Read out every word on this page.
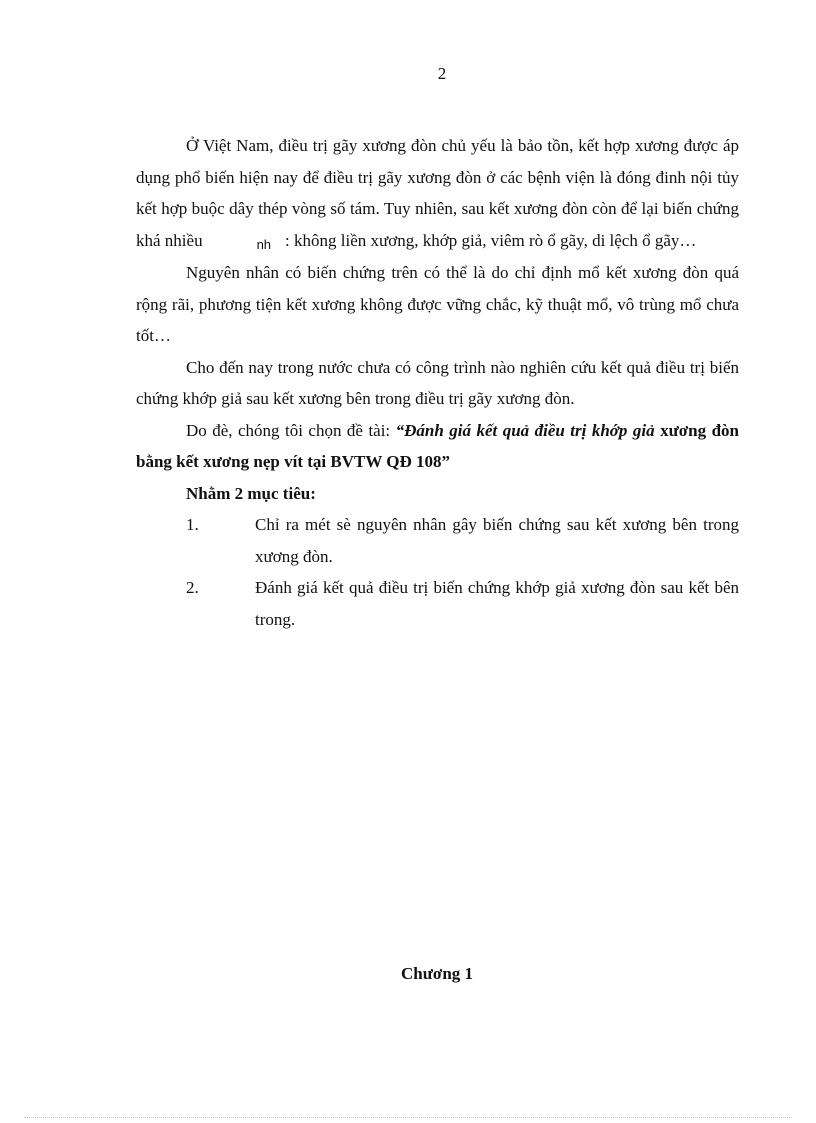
2

Ở Việt Nam, điều trị gãy xương đòn chủ yếu là bảo tồn, kết hợp xương được áp dụng phổ biến hiện nay để điều trị gãy xương đòn ở các bệnh viện là đóng đinh nội tủy kết hợp buộc dây thép vòng số tám. Tuy nhiên, sau kết xương đòn còn để lại biến chứng khá nhiều	nh : không liền xương, khớp giả, viêm rò ổ gãy, di lệch ổ gãy…

Nguyên nhân có biến chứng trên có thể là do chỉ định mổ kết xương đòn quá rộng rãi, phương tiện kết xương không được vững chắc, kỹ thuật mổ, vô trùng mổ chưa tốt…

Cho đến nay trong nước chưa có công trình nào nghiên cứu kết quả điều trị biến chứng khớp giả sau kết xương bên trong điều trị gãy xương đòn.

Do đè, chóng tôi chọn đề tài: “Đánh giá kết quả điều trị khớp giả xương đòn bằng kết xương nẹp vít tại BVTW QĐ 108”

Nhằm 2 mục tiêu:

1.	Chỉ ra mét sè nguyên nhân gây biến chứng sau kết xương bên trong xương đòn.
2.	Đánh giá kết quả điều trị biến chứng khớp giả xương đòn sau kết bên trong.
Chương 1
